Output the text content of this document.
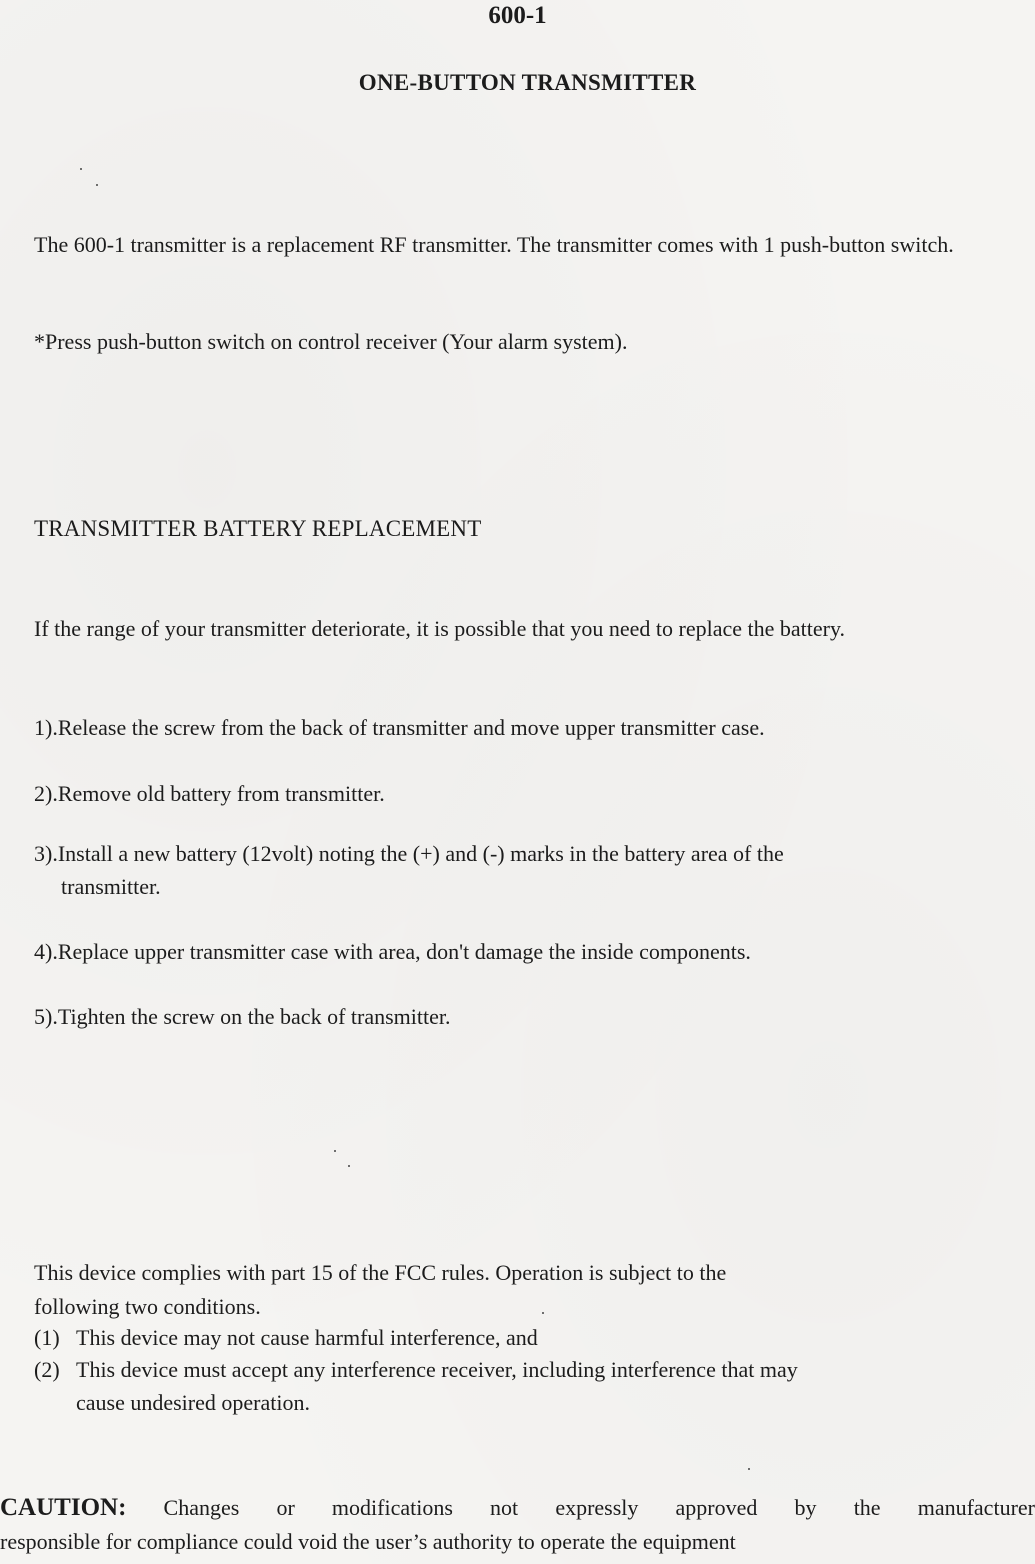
600-1

ONE-BUTTON TRANSMITTER

The 600-1 transmitter is a replacement RF transmitter. The transmitter comes with 1 push-button switch.

*Press push-button switch on control receiver (Your alarm system).

TRANSMITTER BATTERY REPLACEMENT

If the range of your transmitter deteriorate, it is possible that you need to replace the battery.

1).Release the screw from the back of transmitter and move upper transmitter case.

2).Remove old battery from transmitter.

3).Install a new battery (12volt) noting the (+) and (-) marks in the battery area of the
transmitter.

4).Replace upper transmitter case with area, don't damage the inside components.

5).Tighten the screw on the back of transmitter.

This device complies with part 15 of the FCC rules. Operation is subject to the
following two conditions.
(1) This device may not cause harmful interference, and
(2) This device must accept any interference receiver, including interference that may
cause undesired operation.
CAUTION: Changes or modifications not expressly approved by the manufacturer
responsible for compliance could void the user’s authority to operate the equipment
